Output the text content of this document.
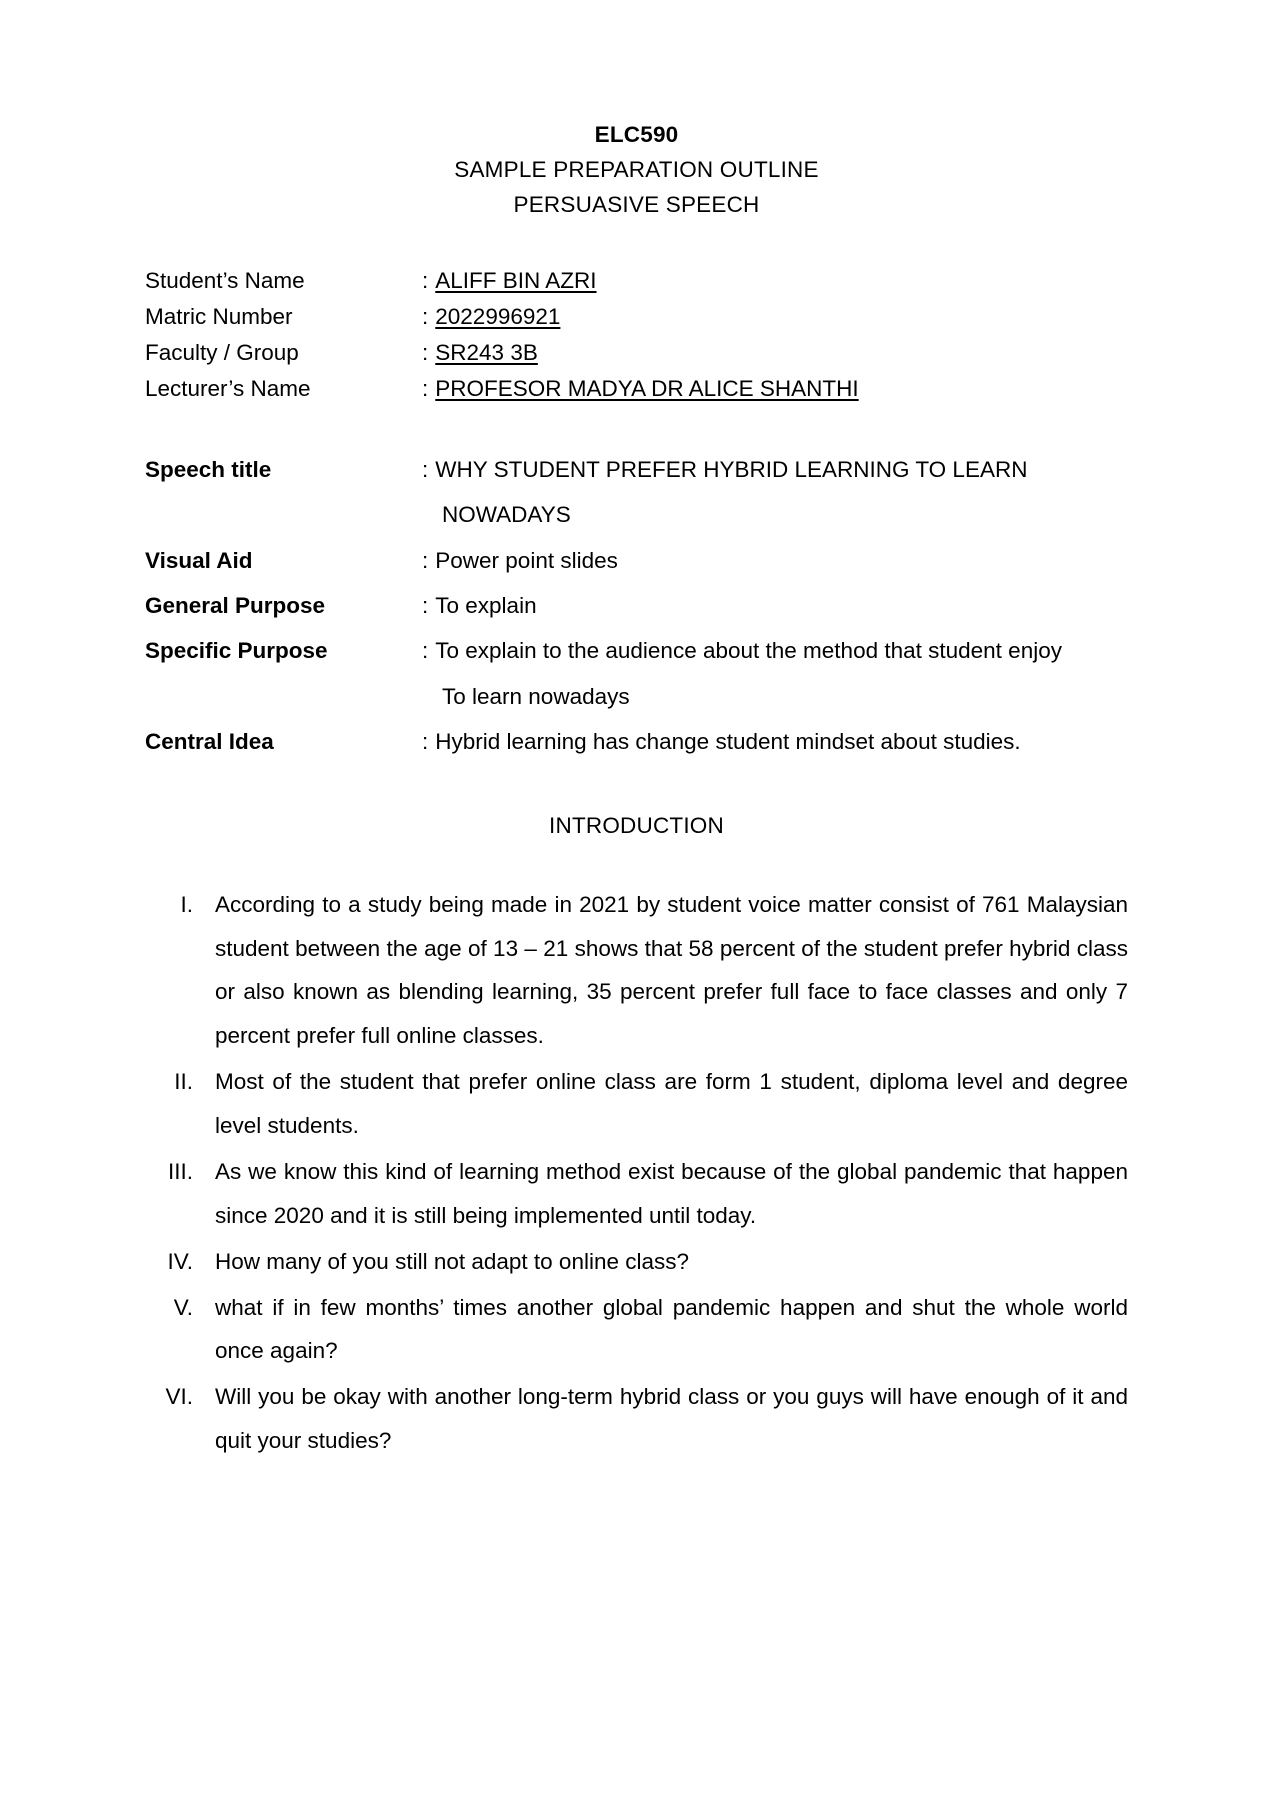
ELC590
SAMPLE PREPARATION OUTLINE
PERSUASIVE SPEECH
Student’s Name	: ALIFF BIN AZRI
Matric Number	: 2022996921
Faculty / Group	: SR243 3B
Lecturer’s Name	: PROFESOR MADYA DR ALICE SHANTHI
Speech title	: WHY STUDENT PREFER HYBRID LEARNING TO LEARN
NOWADAYS
Visual Aid	: Power point slides
General Purpose	: To explain
Specific Purpose	: To explain to the audience about the method that student enjoy
To learn nowadays
Central Idea	: Hybrid learning has change student mindset about studies.
INTRODUCTION
I. According to a study being made in 2021 by student voice matter consist of 761 Malaysian student between the age of 13 – 21 shows that 58 percent of the student prefer hybrid class or also known as blending learning, 35 percent prefer full face to face classes and only 7 percent prefer full online classes.
II. Most of the student that prefer online class are form 1 student, diploma level and degree level students.
III. As we know this kind of learning method exist because of the global pandemic that happen since 2020 and it is still being implemented until today.
IV. How many of you still not adapt to online class?
V. what if in few months’ times another global pandemic happen and shut the whole world once again?
VI. Will you be okay with another long-term hybrid class or you guys will have enough of it and quit your studies?
